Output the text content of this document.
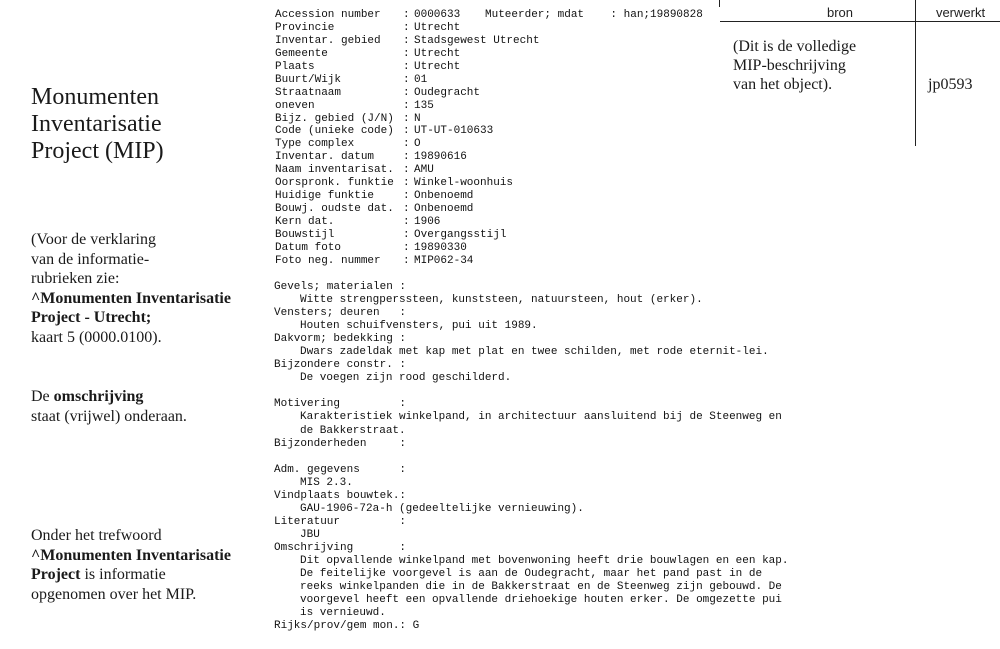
Monumenten
Inventarisatie
Project (MIP)
(Voor de verklaring
van de informatie-
rubrieken zie:
^Monumenten Inventarisatie
Project - Utrecht;
kaart 5 (0000.0100).
De omschrijving
staat (vrijwel) onderaan.
Onder het trefwoord
^Monumenten Inventarisatie
Project is informatie
opgenomen over het MIP.
bron	verwerkt
(Dit is de volledige
MIP-beschrijving
van het object).	jp0593
Muteerder; mdat    : han;19890828
Accession number	: 0000633
Provincie	: Utrecht
Inventar. gebied	: Stadsgewest Utrecht
Gemeente	: Utrecht
Plaats	: Utrecht
Buurt/Wijk	: 01
Straatnaam	: Oudegracht
oneven	: 135
Bijz. gebied (J/N) : N
Code (unieke code) : UT-UT-010633
Type complex	: O
Inventar. datum	: 19890616
Naam inventarisat. : AMU
Oorspronk. funktie : Winkel-woonhuis
Huidige funktie	: Onbenoemd
Bouwj. oudste dat. : Onbenoemd
Kern dat.	: 1906
Bouwstijl	: Overgangsstijl
Datum foto	: 19890330
Foto neg. nummer	: MIP062-34
Gevels; materialen :
Witte strengperssteen, kunststeen, natuursteen, hout (erker).
Vensters; deuren   :
Houten schuifvensters, pui uit 1989.
Dakvorm; bedekking :
Dwars zadeldak met kap met plat en twee schilden, met rode eternit-lei.
Bijzondere constr. :
De voegen zijn rood geschilderd.
Motivering         :
Karakteristiek winkelpand, in architectuur aansluitend bij de Steenweg en
de Bakkerstraat.
Bijzonderheden     :
Adm. gegevens      :
MIS 2.3.
Vindplaats bouwtek.:
GAU-1906-72a-h (gedeeltelijke vernieuwing).
Literatuur         :
JBU
Omschrijving       :
Dit opvallende winkelpand met bovenwoning heeft drie bouwlagen en een kap.
De feitelijke voorgevel is aan de Oudegracht, maar het pand past in de
reeks winkelpanden die in de Bakkerstraat en de Steenweg zijn gebouwd. De
voorgevel heeft een opvallende driehoekige houten erker. De omgezette pui
is vernieuwd.
Rijks/prov/gem mon.: G
